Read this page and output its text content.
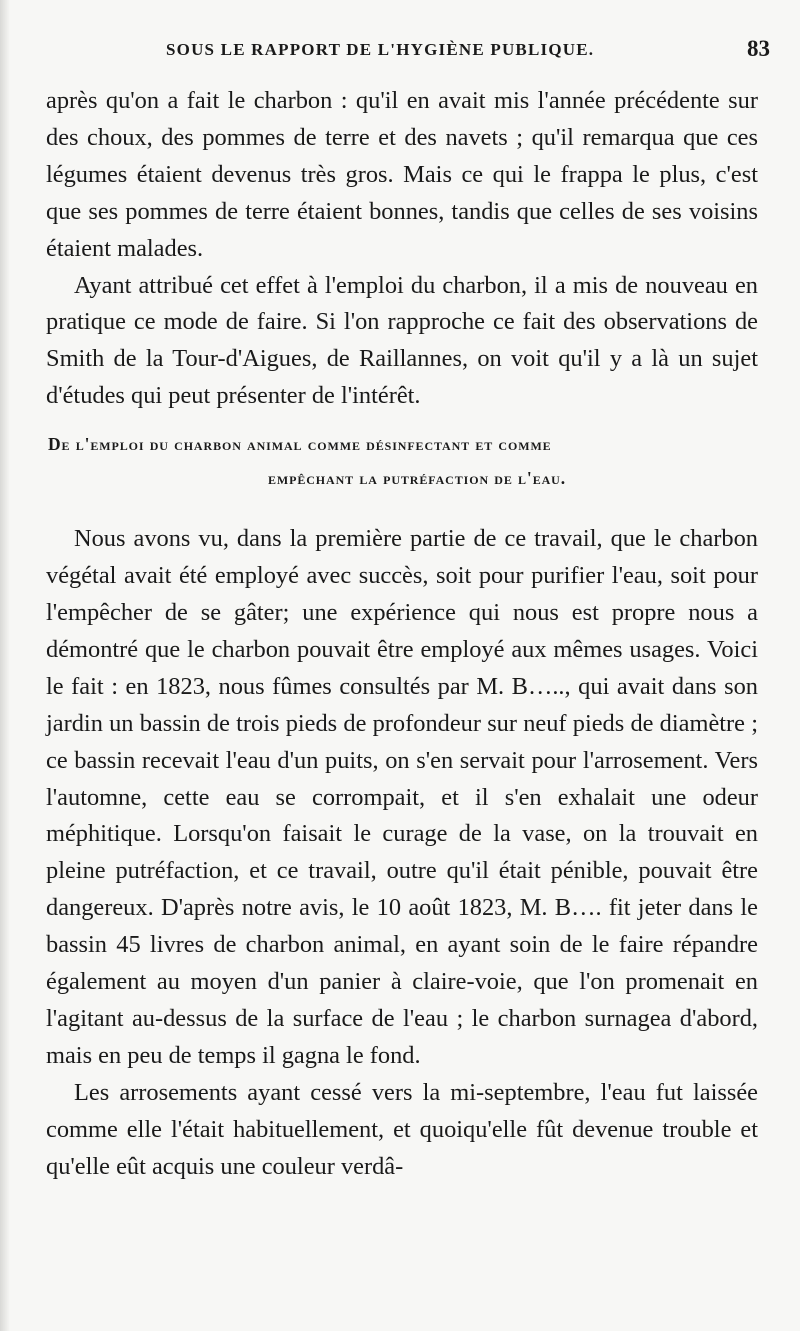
SOUS LE RAPPORT DE L'HYGIÈNE PUBLIQUE.	83

après qu'on a fait le charbon : qu'il en avait mis l'année précédente sur des choux, des pommes de terre et des navets ; qu'il remarqua que ces légumes étaient devenus très gros. Mais ce qui le frappa le plus, c'est que ses pommes de terre étaient bonnes, tandis que celles de ses voisins étaient malades.

Ayant attribué cet effet à l'emploi du charbon, il a mis de nouveau en pratique ce mode de faire. Si l'on rapproche ce fait des observations de Smith de la Tour-d'Aigues, de Raillannes, on voit qu'il y a là un sujet d'études qui peut présenter de l'intérêt.

De l'emploi du charbon animal comme désinfectant et comme
empêchant la putréfaction de l'eau.

Nous avons vu, dans la première partie de ce travail, que le charbon végétal avait été employé avec succès, soit pour purifier l'eau, soit pour l'empêcher de se gâter; une expérience qui nous est propre nous a démontré que le charbon pouvait être employé aux mêmes usages. Voici le fait : en 1823, nous fûmes consultés par M. B….., qui avait dans son jardin un bassin de trois pieds de profondeur sur neuf pieds de diamètre ; ce bassin recevait l'eau d'un puits, on s'en servait pour l'arrosement. Vers l'automne, cette eau se corrompait, et il s'en exhalait une odeur méphitique. Lorsqu'on faisait le curage de la vase, on la trouvait en pleine putréfaction, et ce travail, outre qu'il était pénible, pouvait être dangereux. D'après notre avis, le 10 août 1823, M. B…. fit jeter dans le bassin 45 livres de charbon animal, en ayant soin de le faire répandre également au moyen d'un panier à claire-voie, que l'on promenait en l'agitant au-dessus de la surface de l'eau ; le charbon surnagea d'abord, mais en peu de temps il gagna le fond.

Les arrosements ayant cessé vers la mi-septembre, l'eau fut laissée comme elle l'était habituellement, et quoiqu'elle fût devenue trouble et qu'elle eût acquis une couleur verdâ-
